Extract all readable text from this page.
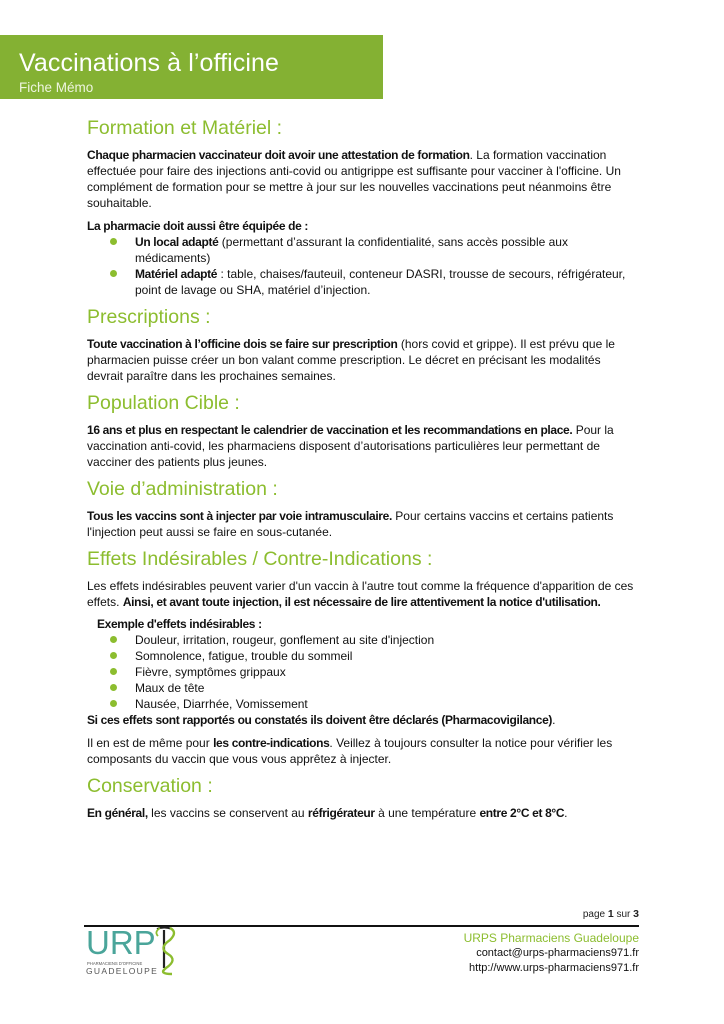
Vaccinations à l’officine
Fiche Mémo
Formation et Matériel :

Chaque pharmacien vaccinateur doit avoir une attestation de formation. La formation vaccination effectuée pour faire des injections anti-covid ou antigrippe est suffisante pour vacciner à l'officine. Un complément de formation pour se mettre à jour sur les nouvelles vaccinations peut néanmoins être souhaitable.

La pharmacie doit aussi être équipée de :

Un local adapté (permettant d’assurant la confidentialité, sans accès possible aux médicaments)
Matériel adapté : table, chaises/fauteuil, conteneur DASRI, trousse de secours, réfrigérateur, point de lavage ou SHA, matériel d’injection.
Prescriptions :

Toute vaccination à l’officine dois se faire sur prescription (hors covid et grippe). Il est prévu que le pharmacien puisse créer un bon valant comme prescription. Le décret en précisant les modalités devrait paraître dans les prochaines semaines.

Population Cible :

16 ans et plus en respectant le calendrier de vaccination et les recommandations en place. Pour la vaccination anti-covid, les pharmaciens disposent d’autorisations particulières leur permettant de vacciner des patients plus jeunes.

Voie d’administration :

Tous les vaccins sont à injecter par voie intramusculaire. Pour certains vaccins et certains patients l'injection peut aussi se faire en sous-cutanée.

Effets Indésirables / Contre-Indications :

Les effets indésirables peuvent varier d'un vaccin à l'autre tout comme la fréquence d'apparition de ces effets. Ainsi, et avant toute injection, il est nécessaire de lire attentivement la notice d'utilisation.

Exemple d'effets indésirables :
Douleur, irritation, rougeur, gonflement au site d'injection
Somnolence, fatigue, trouble du sommeil
Fièvre, symptômes grippaux
Maux de tête
Nausée, Diarrhée, Vomissement

Si ces effets sont rapportés ou constatés ils doivent être déclarés (Pharmacovigilance).

Il en est de même pour les contre-indications. Veillez à toujours consulter la notice pour vérifier les composants du vaccin que vous vous apprêtez à injecter.

Conservation :

En général, les vaccins se conservent au réfrigérateur à une température entre 2°C et 8°C.

page 1 sur 3
URP
PHARMACIENS D'OFFICINE
GUADELOUPE
URPS Pharmaciens Guadeloupe
contact@urps-pharmaciens971.fr
http://www.urps-pharmaciens971.fr
